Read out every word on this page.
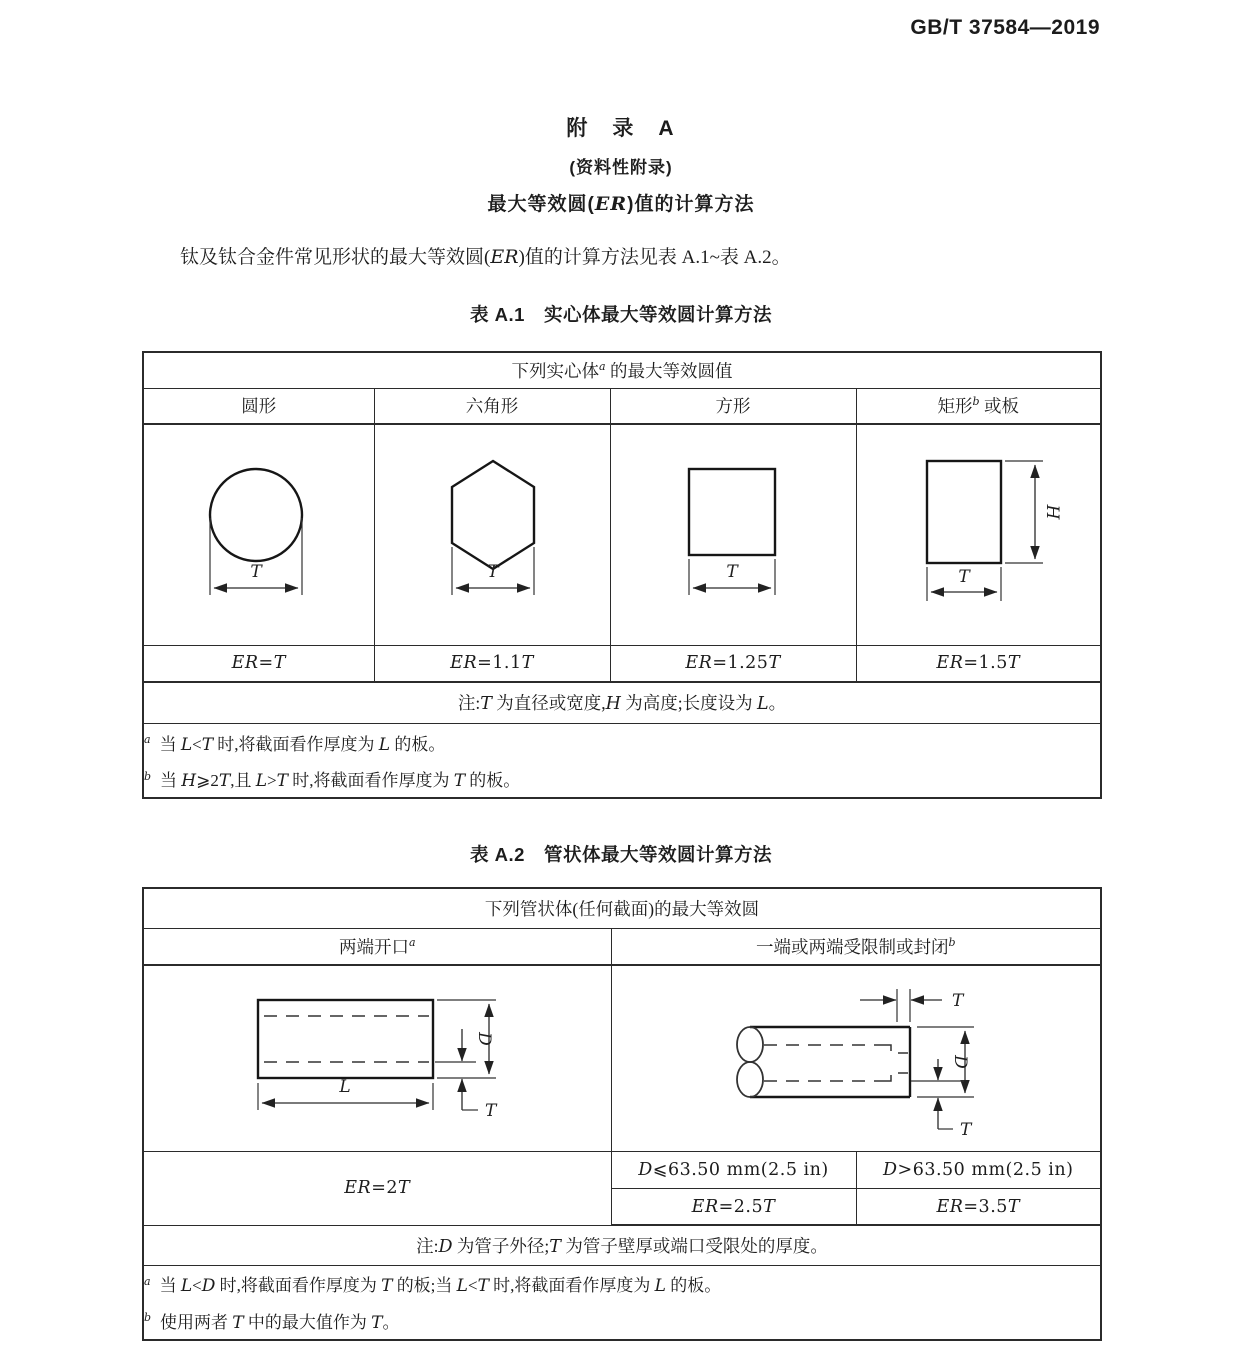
GB/T 37584—2019
附　录　A
(资料性附录)
最大等效圆(ER)值的计算方法

钛及钛合金件常见形状的最大等效圆(ER)值的计算方法见表 A.1~表 A.2。

表 A.1　实心体最大等效圆计算方法
下列实心体$^a$ 的最大等效圆值			
圆形	六角形	方形	矩形$^b$ 或板

T	T	T	T
H

ER=T	ER=1.1T	ER=1.25T	ER=1.5T
注:T 为直径或宽度,H 为高度;长度设为 L。			

$^a$ 当 L<T 时,将截面看作厚度为 L 的板。
$^b$ 当 H⩾2T,且 L>T 时,将截面看作厚度为 T 的板。			
表 A.2　管状体最大等效圆计算方法
下列管状体(任何截面)的最大等效圆		
两端开口$^a$	一端或两端受限制或封闭$^b$

L
D
T	T
D
T	

ER=2T	D⩽63.50 mm(2.5 in)	D>63.50 mm(2.5 in)
	ER=2.5T	ER=3.5T
注:D 为管子外径;T 为管子壁厚或端口受限处的厚度。		

$^a$ 当 L<D 时,将截面看作厚度为 T 的板;当 L<T 时,将截面看作厚度为 L 的板。
$^b$ 使用两者 T 中的最大值作为 T。		
